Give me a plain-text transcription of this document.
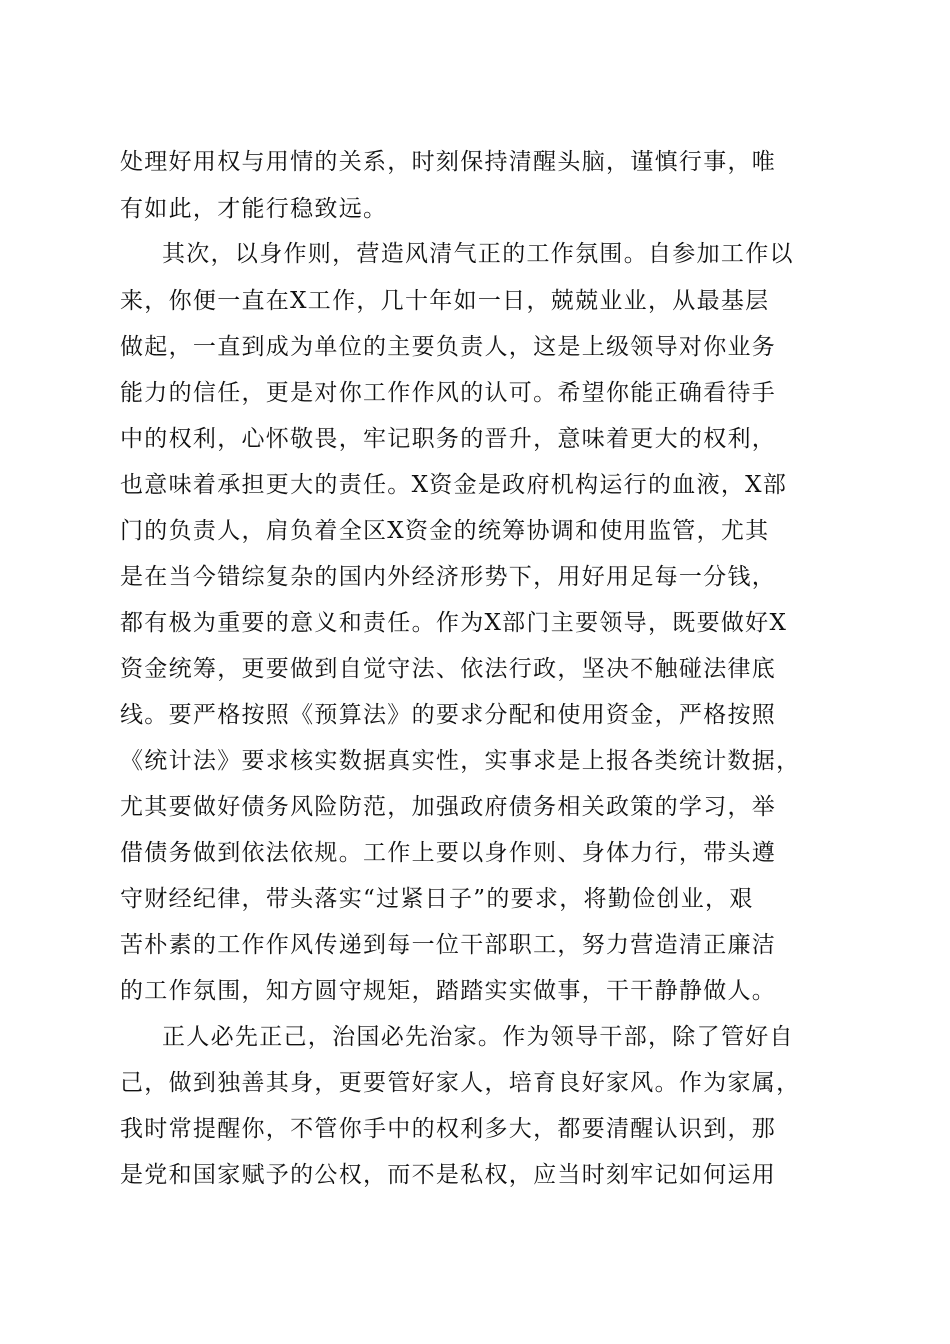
处理好用权与用情的关系，时刻保持清醒头脑，谨慎行事，唯
有如此，才能行稳致远。
其次，以身作则，营造风清气正的工作氛围。自参加工作以
来，你便一直在X工作，几十年如一日，兢兢业业，从最基层
做起，一直到成为单位的主要负责人，这是上级领导对你业务
能力的信任，更是对你工作作风的认可。希望你能正确看待手
中的权利，心怀敬畏，牢记职务的晋升，意味着更大的权利，
也意味着承担更大的责任。X资金是政府机构运行的血液，X部
门的负责人，肩负着全区X资金的统筹协调和使用监管，尤其
是在当今错综复杂的国内外经济形势下，用好用足每一分钱，
都有极为重要的意义和责任。作为X部门主要领导，既要做好X
资金统筹，更要做到自觉守法、依法行政，坚决不触碰法律底
线。要严格按照《预算法》的要求分配和使用资金，严格按照
《统计法》要求核实数据真实性，实事求是上报各类统计数据，
尤其要做好债务风险防范，加强政府债务相关政策的学习，举
借债务做到依法依规。工作上要以身作则、身体力行，带头遵
守财经纪律，带头落实“过紧日子”的要求，将勤俭创业，艰
苦朴素的工作作风传递到每一位干部职工，努力营造清正廉洁
的工作氛围，知方圆守规矩，踏踏实实做事，干干静静做人。
正人必先正己，治国必先治家。作为领导干部，除了管好自
己，做到独善其身，更要管好家人，培育良好家风。作为家属，
我时常提醒你，不管你手中的权利多大，都要清醒认识到，那
是党和国家赋予的公权，而不是私权，应当时刻牢记如何运用
